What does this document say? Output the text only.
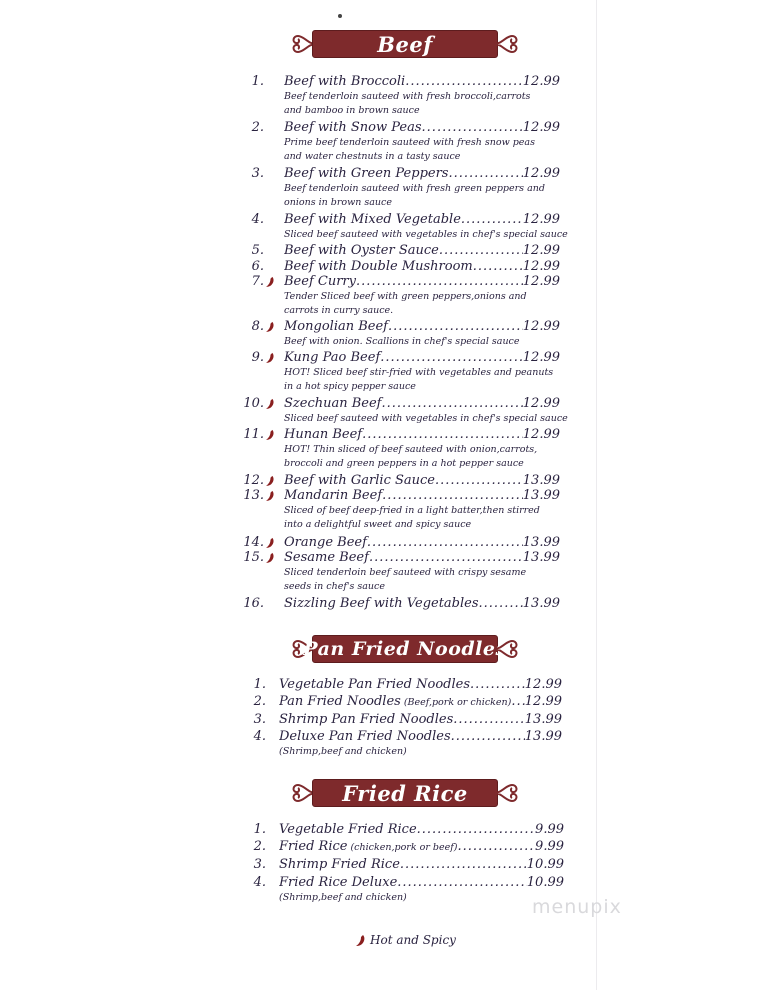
Beef
1. Beef with Broccoli .....	12.99
Beef tenderloin sauteed with fresh broccoli,carrots
and bamboo in brown sauce
2. Beef with Snow Peas .....	12.99
Prime beef tenderloin sauteed with fresh snow peas
and water chestnuts in a tasty sauce
3. Beef with Green Peppers .....	12.99
Beef tenderloin sauteed with fresh green peppers and
onions in brown sauce
4. Beef with Mixed Vegetable .....	12.99
Sliced beef sauteed with vegetables in chef's special sauce
5. Beef with Oyster Sauce .....	12.99
6. Beef with Double Mushroom .....	12.99
7. Beef Curry .....	12.99
Tender Sliced beef with green peppers,onions and
carrots in curry sauce.
8. Mongolian Beef .....	12.99
Beef with onion. Scallions in chef's special sauce
9. Kung Pao Beef .....	12.99
HOT! Sliced beef stir-fried with vegetables and peanuts
in a hot spicy pepper sauce
10. Szechuan Beef .....	12.99
Sliced beef sauteed with vegetables in chef's special sauce
11. Hunan Beef .....	12.99
HOT! Thin sliced of beef sauteed with onion,carrots,
broccoli and green peppers in a hot pepper sauce
12. Beef with Garlic Sauce .....	13.99
13. Mandarin Beef .....	13.99
Sliced of beef deep-fried in a light batter,then stirred
into a delightful sweet and spicy sauce
14. Orange Beef .....	13.99
15. Sesame Beef .....	13.99
Sliced tenderloin beef sauteed with crispy sesame
seeds in chef's sauce
16. Sizzling Beef with Vegetables .....	13.99
Pan Fried Noodles
1. Vegetable Pan Fried Noodles .....	12.99
2. Pan Fried Noodles (Beef,pork or chicken) ..... 12.99
3. Shrimp Pan Fried Noodles .....	13.99
4. Deluxe Pan Fried Noodles .....	13.99
(Shrimp,beef and chicken)
Fried Rice
1. Vegetable Fried Rice .....	9.99
2. Fried Rice (chicken,pork or beef) .....	9.99
3. Shrimp Fried Rice .....	10.99
4. Fried Rice Deluxe .....	10.99
(Shrimp,beef and chicken)
Hot and Spicy
menupix
